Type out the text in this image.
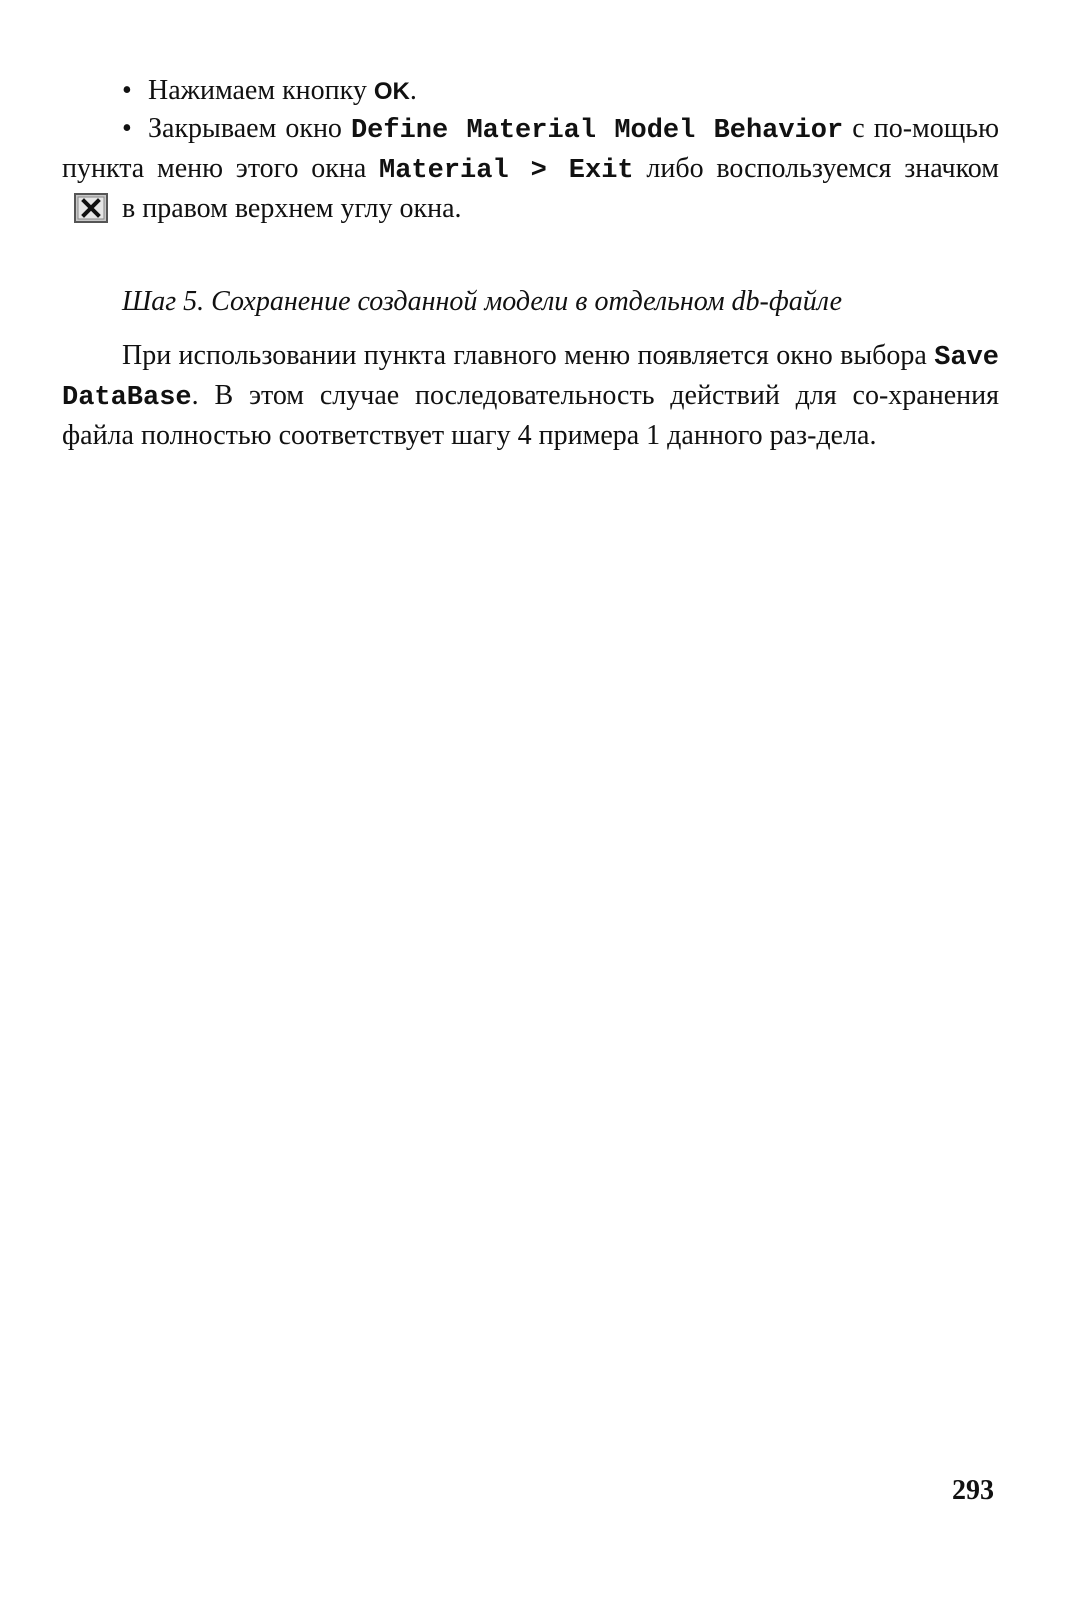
• Нажимаем кнопку OK.
• Закрываем окно Define Material Model Behavior с по-мощью пункта меню этого окна Material > Exit либо воспользуемся значкомв правом верхнем углу окна.
Шаг 5. Сохранение созданной модели в отдельном db-файле
При использовании пункта главного меню появляется окно выбора Save DataBase. В этом случае последовательность действий для со-хранения файла полностью соответствует шагу 4 примера 1 данного раз-дела.
293
